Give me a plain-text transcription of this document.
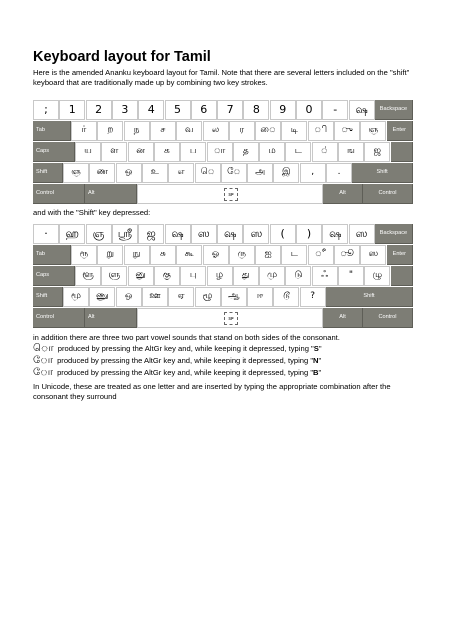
Keyboard layout for Tamil
Here is the amended Ananku keyboard layout for Tamil. Note that there are several letters included on the "shift" keyboard that are traditionally made up by combining two key strokes.
;	1	2	3	4	5	6	7	8	9	0	-	ஷ	Backspace
Tab	ர்	ற	ந	ச	வ	ல	ர	ை	டி	ி	ு	ஞ	Enter
Caps	ய	ள	ன	க	ப	ா	த	ம	ட	்	ங	ஜ
Shift	ஞ	ண	ஒ	உ	எ	ெ	ே	அ	இ	,	.	Shift
Control	Alt	ꜱᴘ	Alt	Control
and with the "Shift" key depressed:
·	ஹ	ஞ	ஸ்ரீ	ஜ	ஷ	ஸ	ஷ	ஸ	(	)	ஷ	ஸ	Backspace
Tab	ரூ	று	நு	சு	கூ	ஓ	ரு	ஐ	ட	ீ	ூ	ஸ	Enter
Caps	ளூ	ளு	னு	கு	பு	ழ	து	மு	டு	ஃ	"	ழு
Shift	மூ	ணு	ஒ	ஊ	ஏ	ழூ	ஆ	ஈ	டூ	?	Shift
Control	Alt	ꜱᴘ	Alt	Control
in addition there are three two part vowel sounds that stand on both sides of the consonant.
ொ produced by pressing the AltGr key and, while keeping it depressed, typing "S"
ோ produced by pressing the AltGr key and, while keeping it depressed, typing "N"
ோ produced by pressing the AltGr key and, while keeping it depressed, typing "B"
In Unicode, these are treated as one letter and are inserted by typing the appropriate combination after the consonant they surround
